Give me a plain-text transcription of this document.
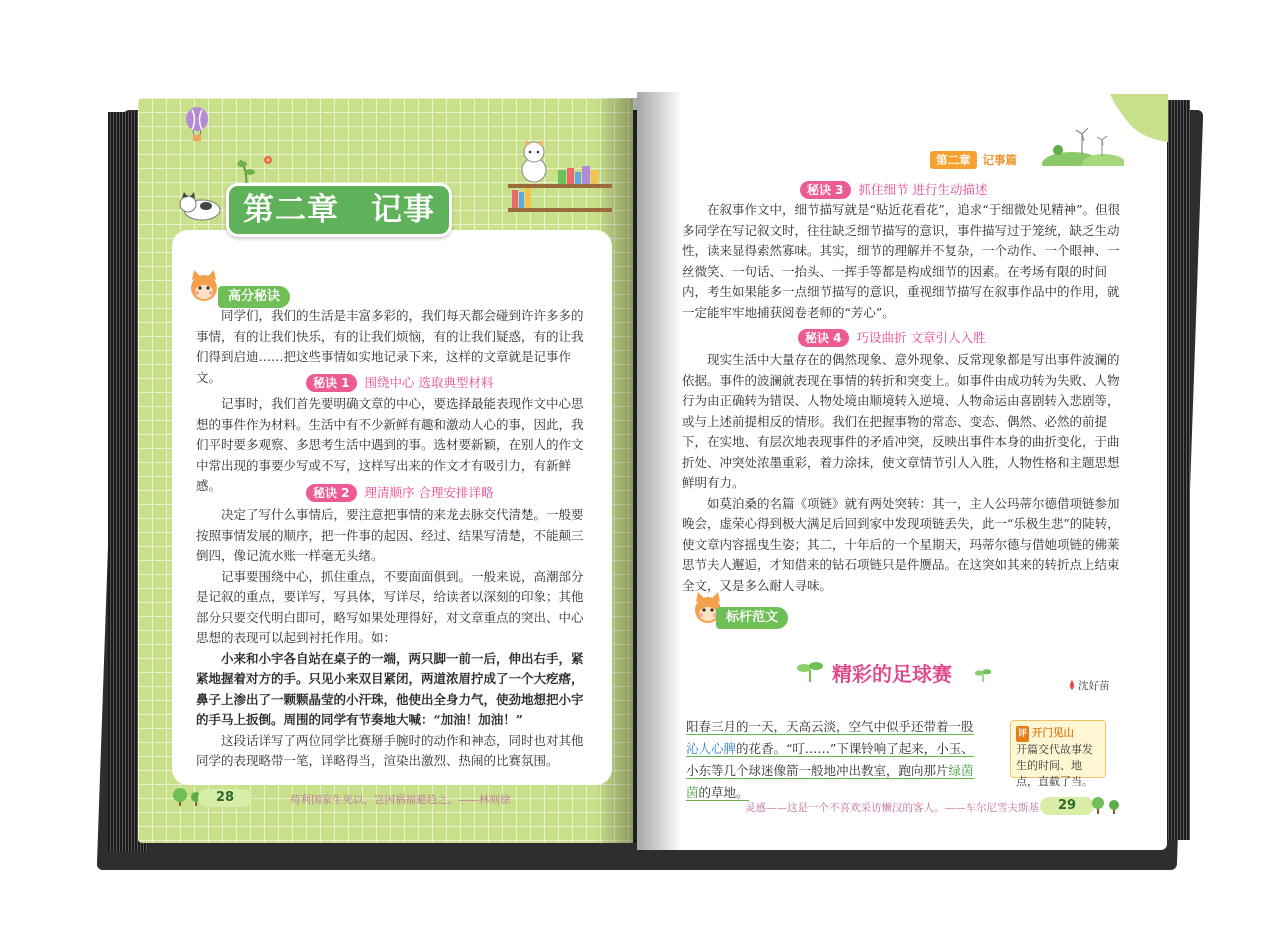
第二章　记事篇
高分秘诀

同学们，我们的生活是丰富多彩的，我们每天都会碰到许许多多的事情，有的让我们快乐，有的让我们烦恼，有的让我们疑惑，有的让我们得到启迪……把这些事情如实地记录下来，这样的文章就是记事作文。	秘诀 1 围绕中心 选取典型材料

记事时，我们首先要明确文章的中心，要选择最能表现作文中心思想的事件作为材料。生活中有不少新鲜有趣和激动人心的事，因此，我们平时要多观察、多思考生活中遇到的事。选材要新颖，在别人的作文中常出现的事要少写或不写，这样写出来的作文才有吸引力，有新鲜感。	秘诀 2 理清顺序 合理安排详略

决定了写什么事情后，要注意把事情的来龙去脉交代清楚。一般要按照事情发展的顺序，把一件事的起因、经过、结果写清楚，不能颠三倒四，像记流水账一样毫无头绪。

记事要围绕中心，抓住重点，不要面面俱到。一般来说，高潮部分是记叙的重点，要详写，写具体，写详尽，给读者以深刻的印象；其他部分只要交代明白即可，略写如果处理得好，对文章重点的突出、中心思想的表现可以起到衬托作用。如：

小来和小宇各自站在桌子的一端，两只脚一前一后，伸出右手，紧紧地握着对方的手。只见小来双目紧闭，两道浓眉拧成了一个大疙瘩，鼻子上渗出了一颗颗晶莹的小汗珠，他使出全身力气，使劲地想把小宇的手马上扳倒。周围的同学有节奏地大喊：“加油！加油！”

这段话详写了两位同学比赛掰手腕时的动作和神态，同时也对其他同学的表现略带一笔，详略得当，渲染出激烈、热闹的比赛氛围。

28	苟利国家生死以，岂因祸福避趋之。——林则徐
第二章 记事篇
秘诀 3 抓住细节 进行生动描述

在叙事作文中，细节描写就是“贴近花看花”，追求“于细微处见精神”。但很多同学在写记叙文时，往往缺乏细节描写的意识，事件描写过于笼统，缺乏生动性，读来显得索然寡味。其实，细节的理解并不复杂，一个动作、一个眼神、一丝微笑、一句话、一抬头、一挥手等都是构成细节的因素。在考场有限的时间内，考生如果能多一点细节描写的意识，重视细节描写在叙事作品中的作用，就一定能牢牢地捕获阅卷老师的“芳心”。

秘诀 4 巧设曲折 文章引人入胜

现实生活中大量存在的偶然现象、意外现象、反常现象都是写出事件波澜的依据。事件的波澜就表现在事情的转折和突变上。如事件由成功转为失败、人物行为由正确转为错误、人物处境由顺境转入逆境、人物命运由喜剧转入悲剧等，或与上述前提相反的情形。我们在把握事物的常态、变态、偶然、必然的前提下，在实地、有层次地表现事件的矛盾冲突，反映出事件本身的曲折变化，于曲折处、冲突处浓墨重彩，着力涂抹，使文章情节引人入胜，人物性格和主题思想鲜明有力。

如莫泊桑的名篇《项链》就有两处突转：其一，主人公玛蒂尔德借项链参加晚会，虚荣心得到极大满足后回到家中发现项链丢失，此一“乐极生悲”的陡转，使文章内容摇曳生姿；其二，十年后的一个星期天，玛蒂尔德与借她项链的佛莱思节夫人邂逅，才知借来的钻石项链只是件赝品。在这突如其来的转折点上结束全文，又是多么耐人寻味。

标杆范文
精彩的足球赛	沈好苗
阳春三月的一天，天高云淡，空气中似乎还带着一股沁人心脾的花香。“叮……”下课铃响了起来，小玉、小东等几个球迷像箭一般地冲出教室，跑向那片绿茵茵的草地。
评 开门见山
开篇交代故事发生的时间、地点，直截了当。
灵感——这是一个不喜欢采访懒汉的客人。——车尔尼雪夫斯基	29
